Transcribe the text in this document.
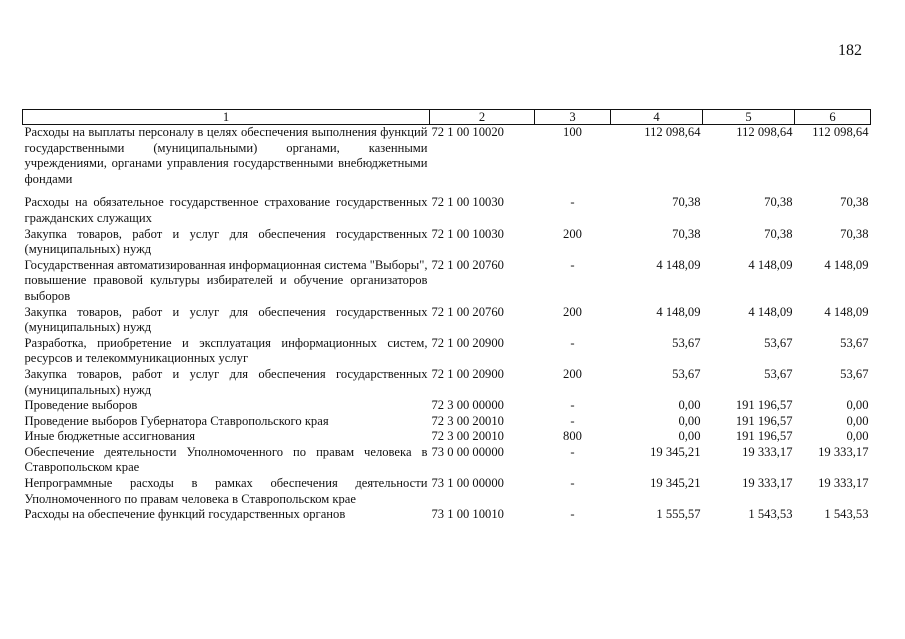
182
1	2	3	4	5	6
Расходы на выплаты персоналу в целях обеспечения выполнения функций государственными (муниципальными) органами, казенными учреждениями, органами управления государственными внебюджетными фондами	72 1 00 10020	100	112 098,64	112 098,64	112 098,64
Расходы на обязательное государственное страхование государственных гражданских служащих	72 1 00 10030	-	70,38	70,38	70,38
Закупка товаров, работ и услуг для обеспечения государственных (муниципальных) нужд	72 1 00 10030	200	70,38	70,38	70,38
Государственная автоматизированная информационная система "Выборы", повышение правовой культуры избирателей и обучение организаторов выборов	72 1 00 20760	-	4 148,09	4 148,09	4 148,09
Закупка товаров, работ и услуг для обеспечения государственных (муниципальных) нужд	72 1 00 20760	200	4 148,09	4 148,09	4 148,09
Разработка, приобретение и эксплуатация информационных систем, ресурсов и телекоммуникационных услуг	72 1 00 20900	-	53,67	53,67	53,67
Закупка товаров, работ и услуг для обеспечения государственных (муниципальных) нужд	72 1 00 20900	200	53,67	53,67	53,67
Проведение выборов	72 3 00 00000	-	0,00	191 196,57	0,00
Проведение выборов Губернатора Ставропольского края	72 3 00 20010	-	0,00	191 196,57	0,00
Иные бюджетные ассигнования	72 3 00 20010	800	0,00	191 196,57	0,00
Обеспечение деятельности Уполномоченного по правам человека в Ставропольском крае	73 0 00 00000	-	19 345,21	19 333,17	19 333,17
Непрограммные расходы в рамках обеспечения деятельности Уполномоченного по правам человека в Ставропольском крае	73 1 00 00000	-	19 345,21	19 333,17	19 333,17
Расходы на обеспечение функций государственных органов	73 1 00 10010	-	1 555,57	1 543,53	1 543,53
